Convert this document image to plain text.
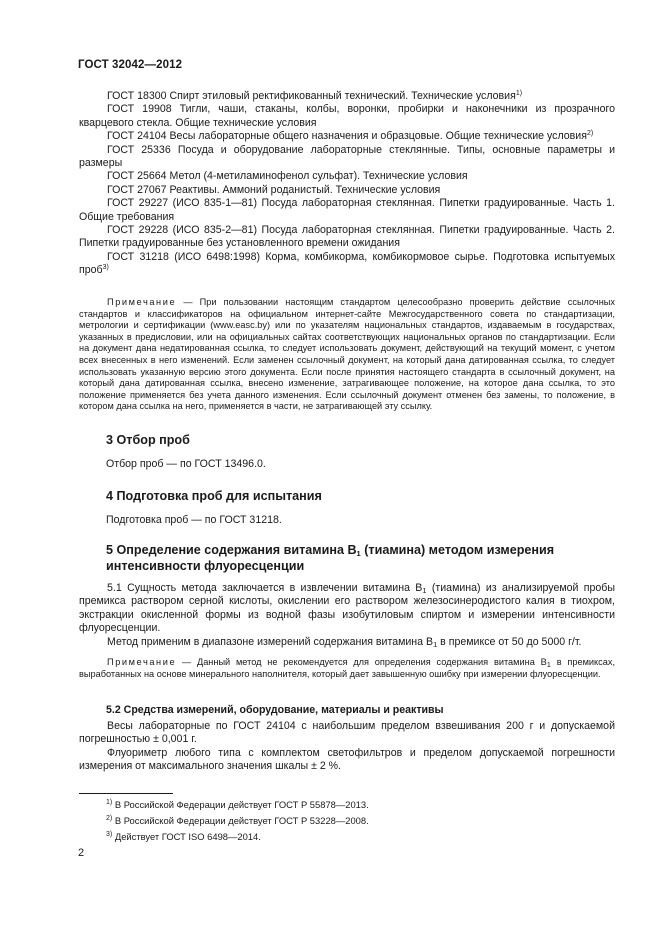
ГОСТ 32042—2012
ГОСТ 18300 Спирт этиловый ректификованный технический. Технические условия$^{1)}$
ГОСТ 19908 Тигли, чаши, стаканы, колбы, воронки, пробирки и наконечники из прозрачного кварцевого стекла. Общие технические условия
ГОСТ 24104 Весы лабораторные общего назначения и образцовые. Общие технические условия$^{2)}$
ГОСТ 25336 Посуда и оборудование лабораторные стеклянные. Типы, основные параметры и размеры
ГОСТ 25664 Метол (4-метиламинофенол сульфат). Технические условия
ГОСТ 27067 Реактивы. Аммоний роданистый. Технические условия
ГОСТ 29227 (ИСО 835-1—81) Посуда лабораторная стеклянная. Пипетки градуированные. Часть 1. Общие требования
ГОСТ 29228 (ИСО 835-2—81) Посуда лабораторная стеклянная. Пипетки градуированные. Часть 2. Пипетки градуированные без установленного времени ожидания
ГОСТ 31218 (ИСО 6498:1998) Корма, комбикорма, комбикормовое сырье. Подготовка испытуемых проб$^{3)}$
Примечание — При пользовании настоящим стандартом целесообразно проверить действие ссылочных стандартов и классификаторов на официальном интернет-сайте Межгосударственного совета по стандартизации, метрологии и сертификации (www.easc.by) или по указателям национальных стандартов, издаваемым в государствах, указанных в предисловии, или на официальных сайтах соответствующих национальных органов по стандартизации. Если на документ дана недатированная ссылка, то следует использовать документ, действующий на текущий момент, с учетом всех внесенных в него изменений. Если заменен ссылочный документ, на который дана датированная ссылка, то следует использовать указанную версию этого документа. Если после принятия настоящего стандарта в ссылочный документ, на который дана датированная ссылка, внесено изменение, затрагивающее положение, на которое дана ссылка, то это положение применяется без учета данного изменения. Если ссылочный документ отменен без замены, то положение, в котором дана ссылка на него, применяется в части, не затрагивающей эту ссылку.
3 Отбор проб
Отбор проб — по ГОСТ 13496.0.
4 Подготовка проб для испытания
Подготовка проб — по ГОСТ 31218.
5 Определение содержания витамина $B_1$ (тиамина) методом измерения интенсивности флуоресценции
5.1 Сущность метода заключается в извлечении витамина $B_1$ (тиамина) из анализируемой пробы премикса раствором серной кислоты, окислении его раствором железосинеродистого калия в тиохром, экстракции окисленной формы из водной фазы изобутиловым спиртом и измерении интенсивности флуоресценции.
Метод применим в диапазоне измерений содержания витамина $B_1$ в премиксе от 50 до 5000 г/т.
Примечание — Данный метод не рекомендуется для определения содержания витамина $B_1$ в премиксах, выработанных на основе минерального наполнителя, который дает завышенную ошибку при измерении флуоресценции.
5.2 Средства измерений, оборудование, материалы и реактивы
Весы лабораторные по ГОСТ 24104 с наибольшим пределом взвешивания 200 г и допускаемой погрешностью ± 0,001 г.
Флуориметр любого типа с комплектом светофильтров и пределом допускаемой погрешности измерения от максимального значения шкалы ± 2 %.
$^{1)}$ В Российской Федерации действует ГОСТ Р 55878—2013.
$^{2)}$ В Российской Федерации действует ГОСТ Р 53228—2008.
$^{3)}$ Действует ГОСТ ISO 6498—2014.
2
